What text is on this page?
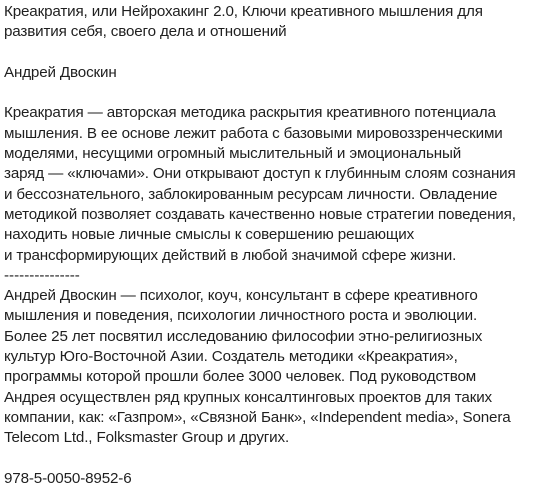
Креакратия, или Нейрохакинг 2.0, Ключи креативного мышления для
развития себя, своего дела и отношений
Андрей Двоскин
Креакратия — авторская методика раскрытия креативного потенциала
мышления. В ее основе лежит работа с базовыми мировоззренческими
моделями, несущими огромный мыслительный и эмоциональный
заряд — «ключами». Они открывают доступ к глубинным слоям сознания
и бессознательного, заблокированным ресурсам личности. Овладение
методикой позволяет создавать качественно новые стратегии поведения,
находить новые личные смыслы к совершению решающих
и трансформирующих действий в любой значимой сфере жизни.
---------------
Андрей Двоскин — психолог, коуч, консультант в сфере креативного
мышления и поведения, психологии личностного роста и эволюции.
Более 25 лет посвятил исследованию философии этно-религиозных
культур Юго-Восточной Азии. Создатель методики «Креакратия»,
программы которой прошли более 3000 человек. Под руководством
Андрея осуществлен ряд крупных консалтинговых проектов для таких
компании, как: «Газпром», «Связной Банк», «Independent media», Sonera
Telecom Ltd., Folksmaster Group и других.
978-5-0050-8952-6
